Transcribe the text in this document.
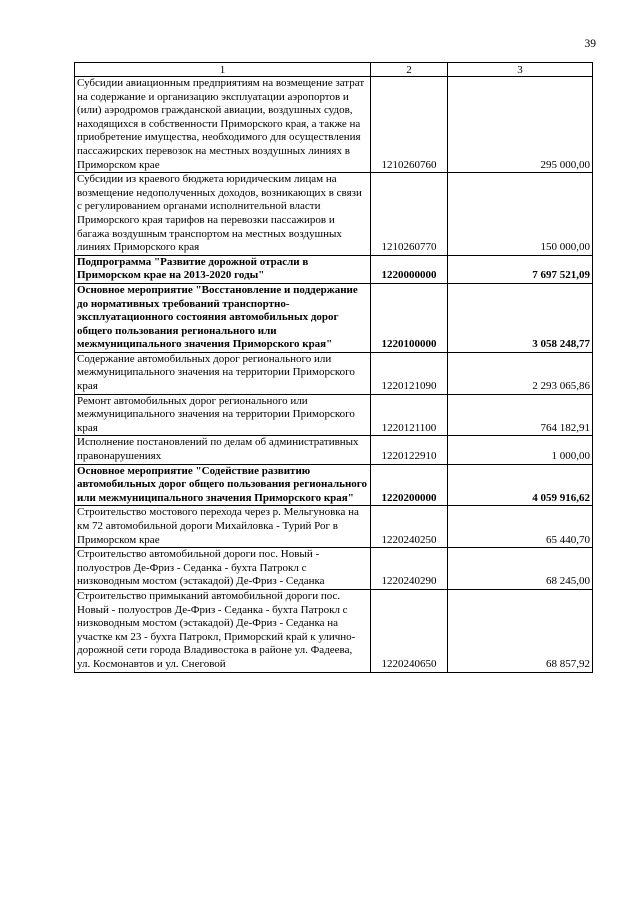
39
1	2	3
Субсидии авиационным предприятиям на возмещение затрат на содержание и организацию эксплуатации аэропортов и (или) аэродромов гражданской авиации, воздушных судов, находящихся в собственности Приморского края, а также на приобретение имущества, необходимого для осуществления пассажирских перевозок на местных воздушных линиях в Приморском крае	1210260760	295 000,00
Субсидии из краевого бюджета юридическим лицам на возмещение недополученных доходов, возникающих в связи с регулированием органами исполнительной власти Приморского края тарифов на перевозки пассажиров и багажа воздушным транспортом на местных воздушных линиях Приморского края	1210260770	150 000,00
Подпрограмма "Развитие дорожной отрасли в Приморском крае на 2013-2020 годы"	1220000000	7 697 521,09
Основное мероприятие "Восстановление и поддержание до нормативных требований транспортно-эксплуатационного состояния автомобильных дорог общего пользования регионального или межмуниципального значения Приморского края"	1220100000	3 058 248,77
Содержание автомобильных дорог регионального или межмуниципального значения на территории Приморского края	1220121090	2 293 065,86
Ремонт автомобильных дорог регионального или межмуниципального значения на территории Приморского края	1220121100	764 182,91
Исполнение постановлений по делам об административных правонарушениях	1220122910	1 000,00
Основное мероприятие "Содействие развитию автомобильных дорог общего пользования регионального или межмуниципального значения Приморского края"	1220200000	4 059 916,62
Строительство мостового перехода через р. Мельгуновка на км 72 автомобильной дороги Михайловка - Турий Рог в Приморском крае	1220240250	65 440,70
Строительство автомобильной дороги пос. Новый - полуостров Де-Фриз - Седанка - бухта Патрокл с низководным мостом (эстакадой) Де-Фриз - Седанка	1220240290	68 245,00
Строительство примыканий автомобильной дороги пос. Новый - полуостров Де-Фриз - Седанка - бухта Патрокл с низководным мостом (эстакадой) Де-Фриз - Седанка на участке км 23 - бухта Патрокл, Приморский край к улично-дорожной сети города Владивостока в районе ул. Фадеева, ул. Космонавтов и ул. Снеговой	1220240650	68 857,92
